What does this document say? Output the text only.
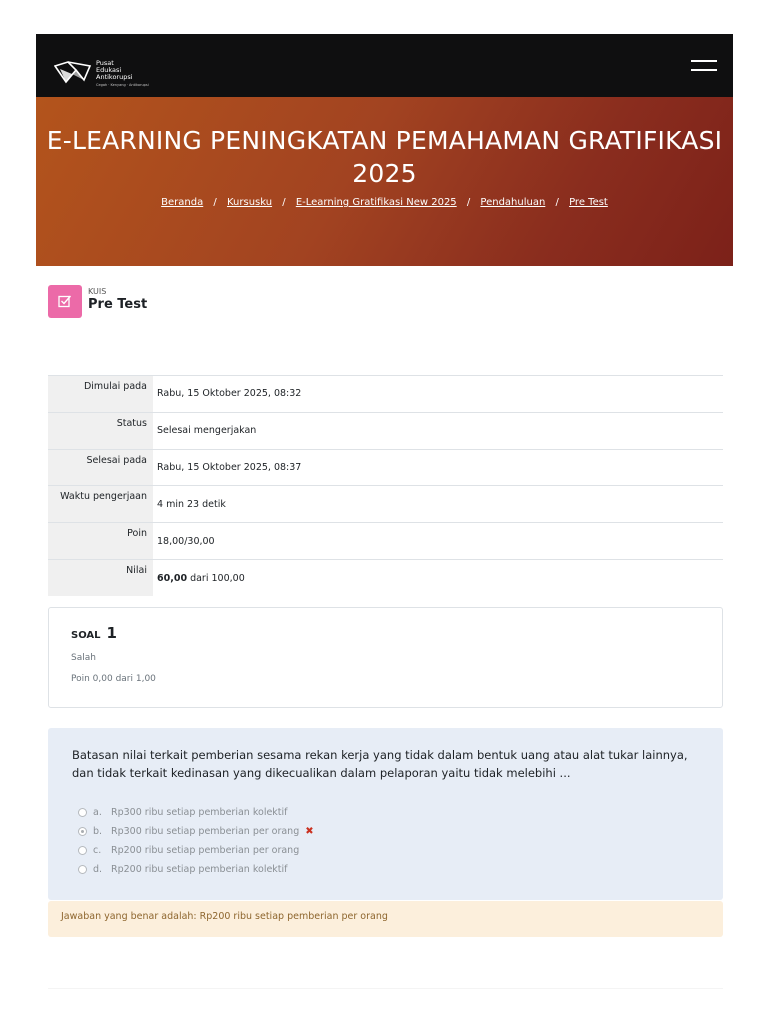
Pusat
Edukasi
Antikorupsi
Cegah · Kenyang · Antikorupsi
E-LEARNING PENINGKATAN PEMAHAMAN GRATIFIKASI 2025
Beranda / Kursusku / E-Learning Gratifikasi New 2025 / Pendahuluan / Pre Test
KUIS
Pre Test
Dimulai pada	Rabu, 15 Oktober 2025, 08:32
Status	Selesai mengerjakan
Selesai pada	Rabu, 15 Oktober 2025, 08:37
Waktu pengerjaan	4 min 23 detik
Poin	18,00/30,00
Nilai	60,00 dari 100,00
SOAL 1
Salah
Poin 0,00 dari 1,00
Batasan nilai terkait pemberian sesama rekan kerja yang tidak dalam bentuk uang atau alat tukar lainnya, dan tidak terkait kedinasan yang dikecualikan dalam pelaporan yaitu tidak melebihi ...
a. Rp300 ribu setiap pemberian kolektif
b. Rp300 ribu setiap pemberian per orang ✖
c.	Rp200 ribu setiap pemberian per orang
d. Rp200 ribu setiap pemberian kolektif
Jawaban yang benar adalah: Rp200 ribu setiap pemberian per orang
